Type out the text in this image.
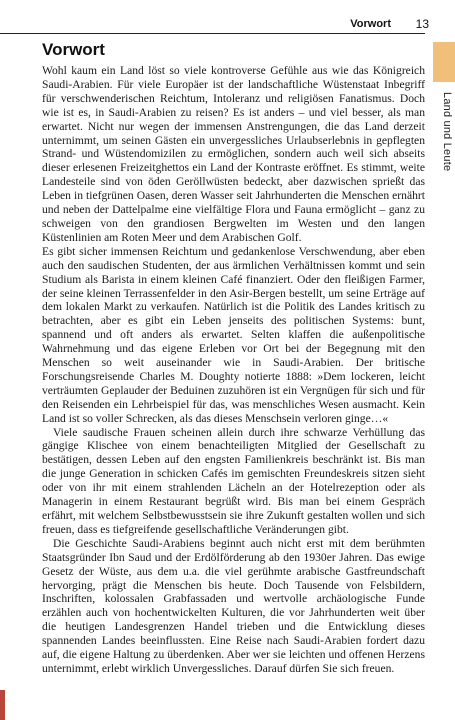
Vorwort 13
Land und Leute
Vorwort

Wohl kaum ein Land löst so viele kontroverse Gefühle aus wie das Königreich Saudi-Arabien. Für viele Europäer ist der landschaftliche Wüstenstaat Inbegriff für verschwenderischen Reichtum, Intoleranz und religiösen Fanatismus. Doch wie ist es, in Saudi-Arabien zu reisen? Es ist anders – und viel besser, als man erwartet. Nicht nur wegen der immensen Anstrengungen, die das Land derzeit unternimmt, um seinen Gästen ein unvergessliches Urlaubserlebnis in gepflegten Strand- und Wüstendomizilen zu ermöglichen, sondern auch weil sich abseits dieser erlesenen Freizeitghettos ein Land der Kontraste eröffnet. Es stimmt, weite Landesteile sind von öden Geröllwüsten bedeckt, aber dazwischen sprießt das Leben in tiefgrünen Oasen, deren Wasser seit Jahrhunderten die Menschen ernährt und neben der Dattelpalme eine vielfältige Flora und Fauna ermöglicht – ganz zu schweigen von den grandiosen Bergwelten im Westen und den langen Küstenlinien am Roten Meer und dem Arabischen Golf.

Es gibt sicher immensen Reichtum und gedankenlose Verschwendung, aber eben auch den saudischen Studenten, der aus ärmlichen Verhältnissen kommt und sein Studium als Barista in einem kleinen Café finanziert. Oder den fleißigen Farmer, der seine kleinen Terrassenfelder in den Asir-Bergen bestellt, um seine Erträge auf dem lokalen Markt zu verkaufen. Natürlich ist die Politik des Landes kritisch zu betrachten, aber es gibt ein Leben jenseits des politischen Systems: bunt, spannend und oft anders als erwartet. Selten klaffen die außenpolitische Wahrnehmung und das eigene Erleben vor Ort bei der Begegnung mit den Menschen so weit auseinander wie in Saudi-Arabien. Der britische Forschungsreisende Charles M. Doughty notierte 1888: »Dem lockeren, leicht verträumten Geplauder der Beduinen zuzuhören ist ein Vergnügen für sich und für den Reisenden ein Lehrbeispiel für das, was menschliches Wesen ausmacht. Kein Land ist so voller Schrecken, als das dieses Menschsein verloren ginge…«

Viele saudische Frauen scheinen allein durch ihre schwarze Verhüllung das gängige Klischee von einem benachteiligten Mitglied der Gesellschaft zu bestätigen, dessen Leben auf den engsten Familienkreis beschränkt ist. Bis man die junge Generation in schicken Cafés im gemischten Freundeskreis sitzen sieht oder von ihr mit einem strahlenden Lächeln an der Hotelrezeption oder als Managerin in einem Restaurant begrüßt wird. Bis man bei einem Gespräch erfährt, mit welchem Selbstbewusstsein sie ihre Zukunft gestalten wollen und sich freuen, dass es tiefgreifende gesellschaftliche Veränderungen gibt.

Die Geschichte Saudi-Arabiens beginnt auch nicht erst mit dem berühmten Staatsgründer Ibn Saud und der Erdölförderung ab den 1930er Jahren. Das ewige Gesetz der Wüste, aus dem u.a. die viel gerühmte arabische Gastfreundschaft hervorging, prägt die Menschen bis heute. Doch Tausende von Felsbildern, Inschriften, kolossalen Grabfassaden und wertvolle archäologische Funde erzählen auch von hochentwickelten Kulturen, die vor Jahrhunderten weit über die heutigen Landesgrenzen Handel trieben und die Entwicklung dieses spannenden Landes beeinflussten. Eine Reise nach Saudi-Arabien fordert dazu auf, die eigene Haltung zu überdenken. Aber wer sie leichten und offenen Herzens unternimmt, erlebt wirklich Unvergessliches. Darauf dürfen Sie sich freuen.
